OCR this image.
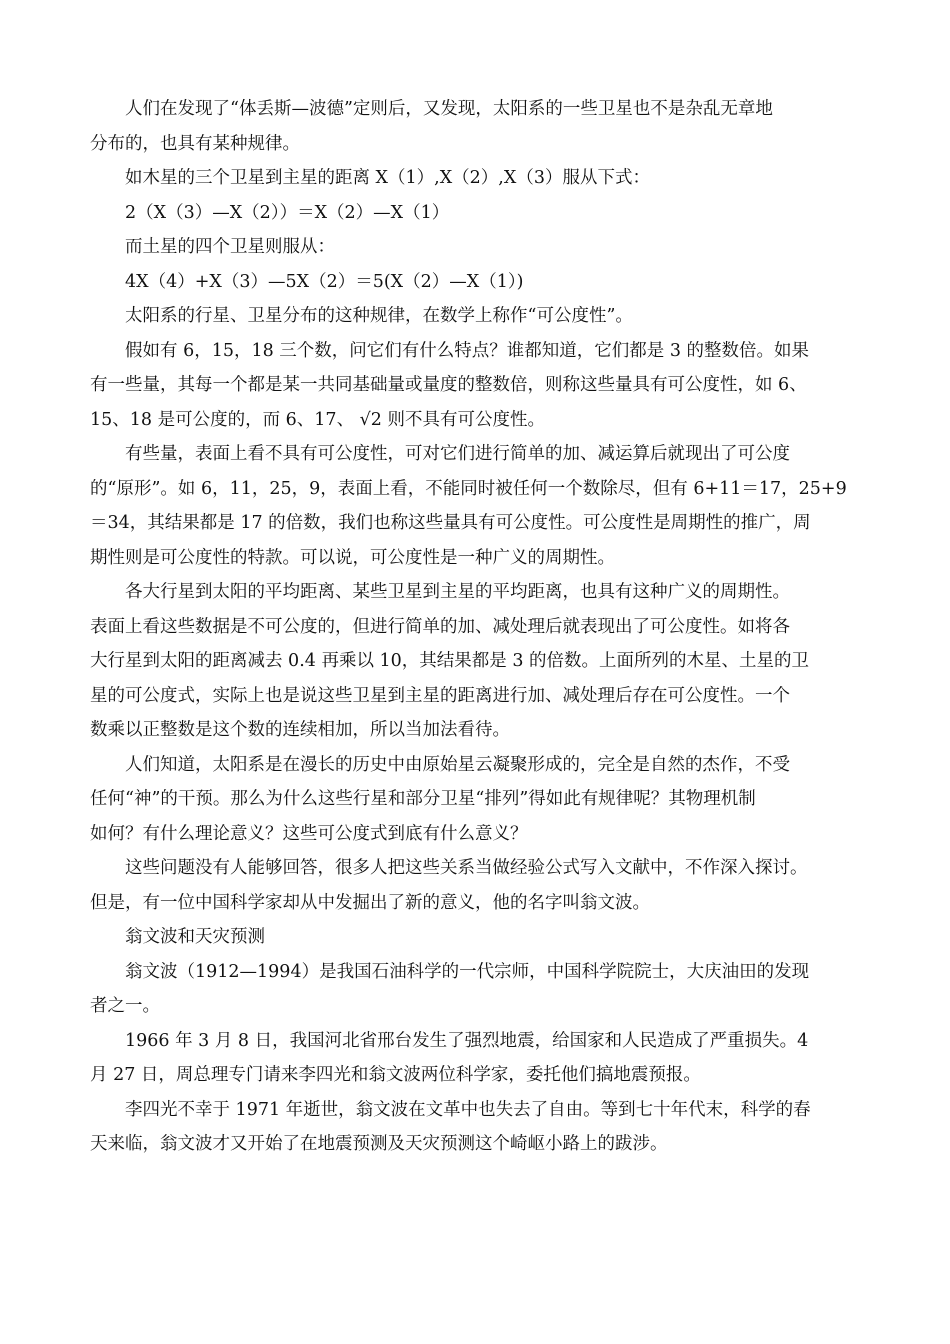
人们在发现了“体丢斯—波德”定则后，又发现，太阳系的一些卫星也不是杂乱无章地
分布的，也具有某种规律。

如木星的三个卫星到主星的距离 X（1）,X（2）,X（3）服从下式：

2（X（3）—X（2））＝X（2）—X（1）

而土星的四个卫星则服从：

4X（4）+X（3）—5X（2）＝5(X（2）—X（1）)

太阳系的行星、卫星分布的这种规律，在数学上称作“可公度性”。

假如有 6，15，18 三个数，问它们有什么特点？谁都知道，它们都是 3 的整数倍。如果
有一些量，其每一个都是某一共同基础量或量度的整数倍，则称这些量具有可公度性，如 6、
15、18 是可公度的，而 6、17、 √2 则不具有可公度性。

有些量，表面上看不具有可公度性，可对它们进行简单的加、减运算后就现出了可公度
的“原形”。如 6，11，25，9，表面上看，不能同时被任何一个数除尽，但有 6+11＝17，25+9
＝34，其结果都是 17 的倍数，我们也称这些量具有可公度性。可公度性是周期性的推广，周
期性则是可公度性的特款。可以说，可公度性是一种广义的周期性。

各大行星到太阳的平均距离、某些卫星到主星的平均距离，也具有这种广义的周期性。
表面上看这些数据是不可公度的，但进行简单的加、减处理后就表现出了可公度性。如将各
大行星到太阳的距离减去 0.4 再乘以 10，其结果都是 3 的倍数。上面所列的木星、土星的卫
星的可公度式，实际上也是说这些卫星到主星的距离进行加、减处理后存在可公度性。一个
数乘以正整数是这个数的连续相加，所以当加法看待。

人们知道，太阳系是在漫长的历史中由原始星云凝聚形成的，完全是自然的杰作，不受
任何“神”的干预。那么为什么这些行星和部分卫星“排列”得如此有规律呢？其物理机制
如何？有什么理论意义？这些可公度式到底有什么意义？

这些问题没有人能够回答，很多人把这些关系当做经验公式写入文献中，不作深入探讨。
但是，有一位中国科学家却从中发掘出了新的意义，他的名字叫翁文波。

翁文波和天灾预测

翁文波（1912—1994）是我国石油科学的一代宗师，中国科学院院士，大庆油田的发现
者之一。

1966 年 3 月 8 日，我国河北省邢台发生了强烈地震，给国家和人民造成了严重损失。4
月 27 日，周总理专门请来李四光和翁文波两位科学家，委托他们搞地震预报。

李四光不幸于 1971 年逝世，翁文波在文革中也失去了自由。等到七十年代末，科学的春
天来临，翁文波才又开始了在地震预测及天灾预测这个崎岖小路上的跋涉。
